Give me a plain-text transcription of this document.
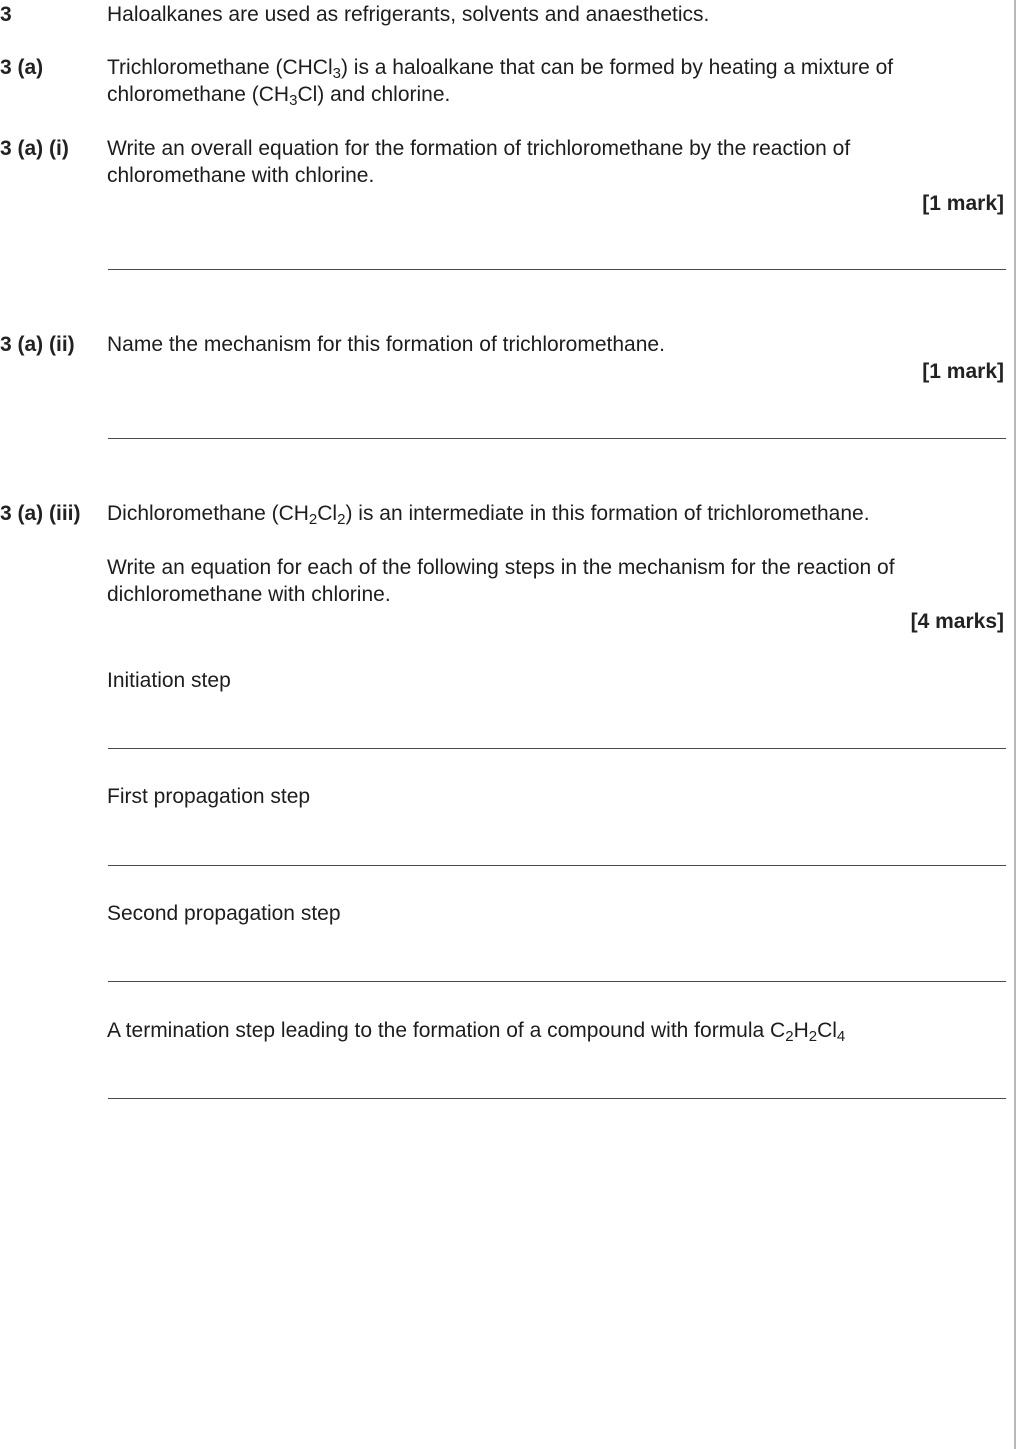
3	Haloalkanes are used as refrigerants, solvents and anaesthetics.
3 (a)	Trichloromethane (CHCl$_3$) is a haloalkane that can be formed by heating a mixture of chloromethane $(CH_3Cl)$ and chlorine.
3 (a) (i) Write an overall equation for the formation of trichloromethane by the reaction of chloromethane with chlorine.
[1 mark]
3 (a) (ii) Name the mechanism for this formation of trichloromethane.
[1 mark]
3 (a) (iii) Dichloromethane $(CH_2Cl_2)$ is an intermediate in this formation of trichloromethane.
Write an equation for each of the following steps in the mechanism for the reaction of dichloromethane with chlorine.
[4 marks]
Initiation step
First propagation step
Second propagation step
A termination step leading to the formation of a compound with formula $C_2H_2Cl_4$
